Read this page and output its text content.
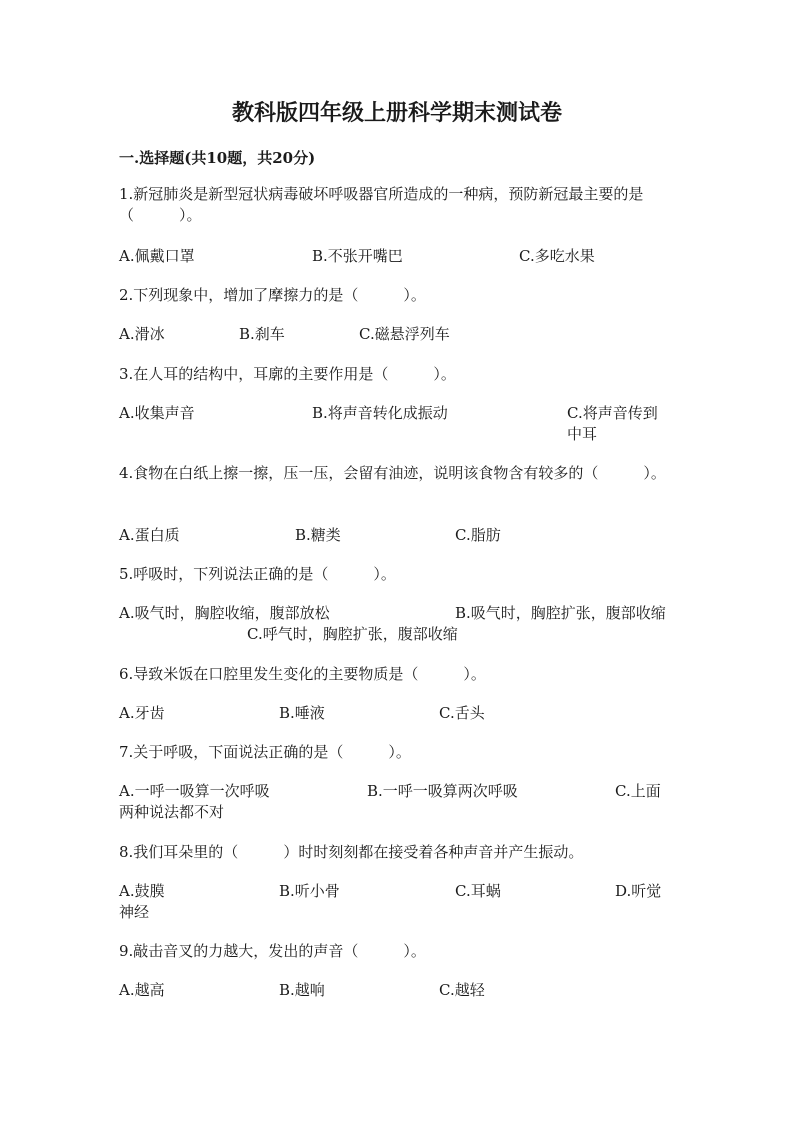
教科版四年级上册科学期末测试卷
一.选择题(共10题，共20分)
1.新冠肺炎是新型冠状病毒破坏呼吸器官所造成的一种病，预防新冠最主要的是（　　　）。
A.佩戴口罩	B.不张开嘴巴	C.多吃水果
2.下列现象中，增加了摩擦力的是（　　　）。
A.滑冰	B.刹车	C.磁悬浮列车
3.在人耳的结构中，耳廓的主要作用是（　　　）。
A.收集声音	B.将声音转化成振动	C.将声音传到中耳
4.食物在白纸上擦一擦，压一压，会留有油迹，说明该食物含有较多的（　　　）。
A.蛋白质	B.糖类	C.脂肪
5.呼吸时，下列说法正确的是（　　　）。
A.吸气时，胸腔收缩，腹部放松	B.吸气时，胸腔扩张，腹部收缩
C.呼气时，胸腔扩张，腹部收缩
6.导致米饭在口腔里发生变化的主要物质是（　　　）。
A.牙齿	B.唾液	C.舌头
7.关于呼吸，下面说法正确的是（　　　）。
A.一呼一吸算一次呼吸	B.一呼一吸算两次呼吸
8.我们耳朵里的（　　　）时时刻刻都在接受着各种声音并产生振动。
A.鼓膜	B.听小骨	C.耳蜗
9.敲击音叉的力越大，发出的声音（　　　）。
A.越高	B.越响	C.越轻
C.上面
两种说法都不对
D.听觉
神经
